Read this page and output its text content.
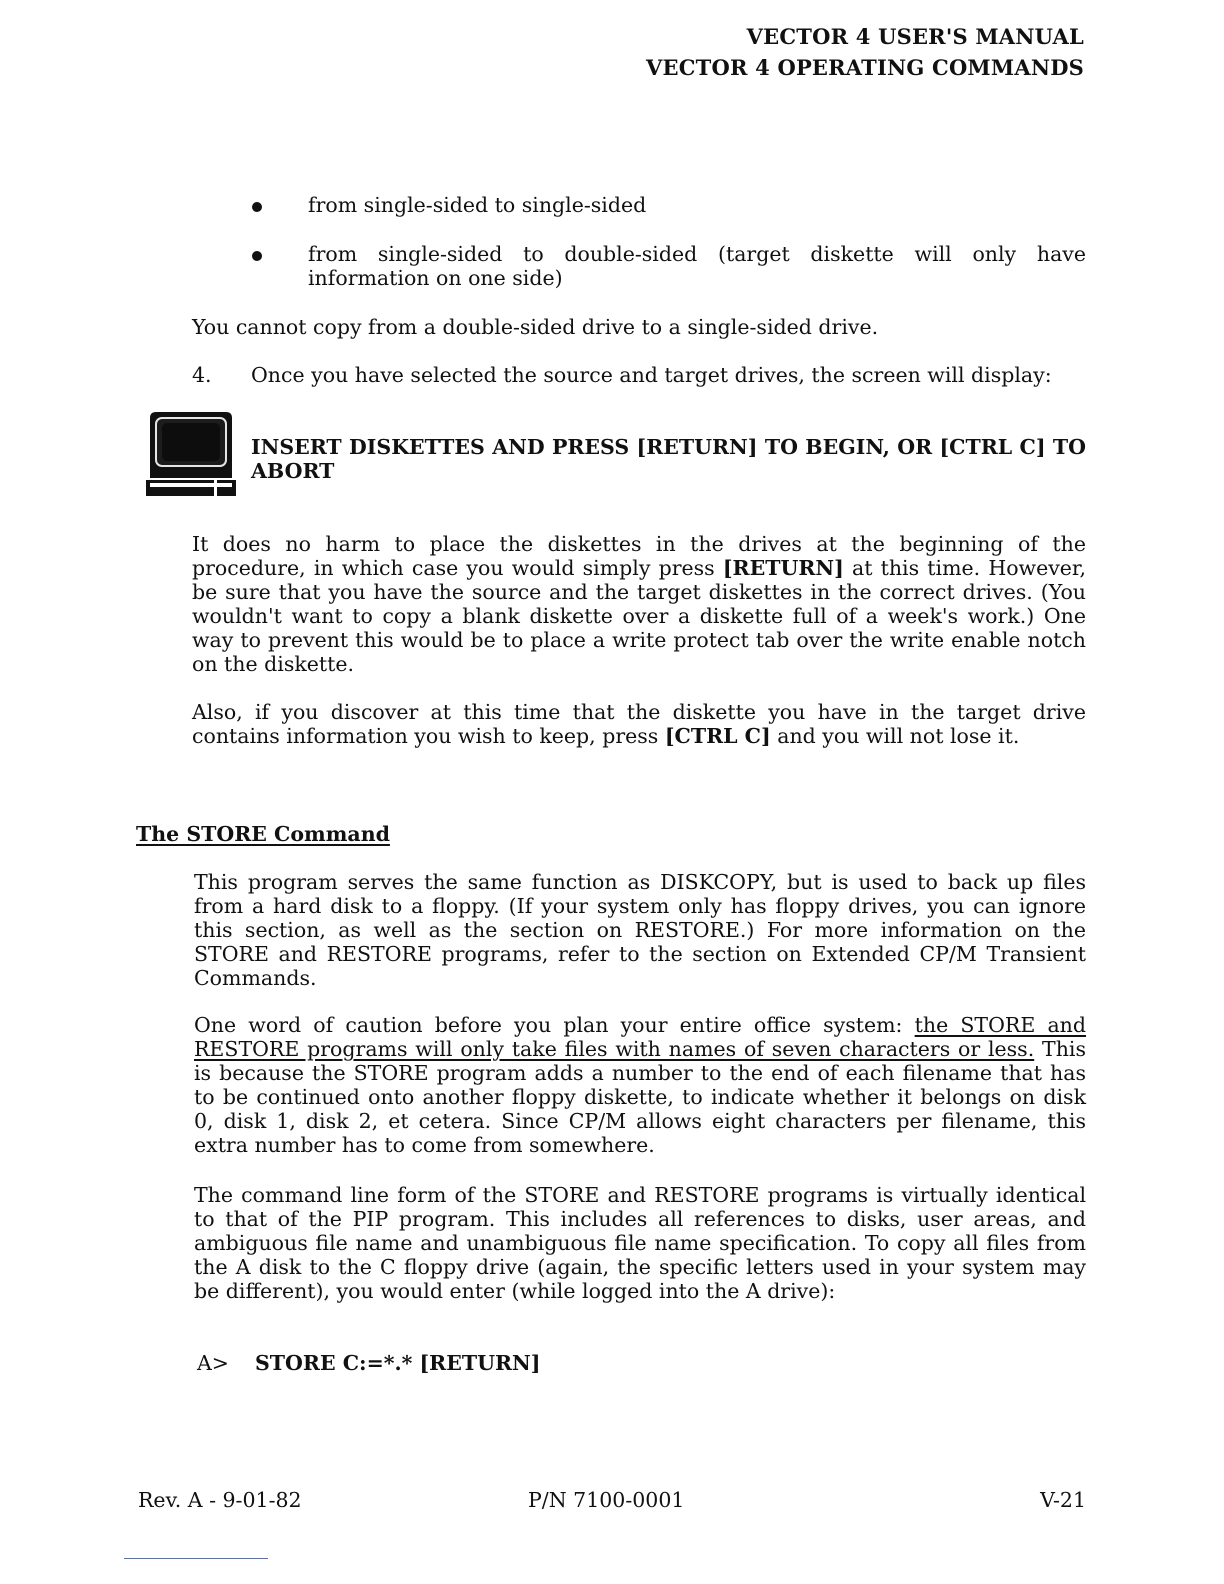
VECTOR 4 USER'S MANUAL
VECTOR 4 OPERATING COMMANDS
from single-sided to single-sided
from single-sided to double-sided (target diskette will only have information on one side)
You cannot copy from a double-sided drive to a single-sided drive.
4. Once you have selected the source and target drives, the screen will display:
INSERT DISKETTES AND PRESS [RETURN] TO BEGIN, OR [CTRL C] TO ABORT
It does no harm to place the diskettes in the drives at the beginning of the procedure, in which case you would simply press [RETURN] at this time. However, be sure that you have the source and the target diskettes in the correct drives. (You wouldn't want to copy a blank diskette over a diskette full of a week's work.) One way to prevent this would be to place a write protect tab over the write enable notch on the diskette.
Also, if you discover at this time that the diskette you have in the target drive contains information you wish to keep, press [CTRL C] and you will not lose it.
The STORE Command
This program serves the same function as DISKCOPY, but is used to back up files from a hard disk to a floppy. (If your system only has floppy drives, you can ignore this section, as well as the section on RESTORE.) For more information on the STORE and RESTORE programs, refer to the section on Extended CP/M Transient Commands.
One word of caution before you plan your entire office system: the STORE and RESTORE programs will only take files with names of seven characters or less. This is because the STORE program adds a number to the end of each filename that has to be continued onto another floppy diskette, to indicate whether it belongs on disk 0, disk 1, disk 2, et cetera. Since CP/M allows eight characters per filename, this extra number has to come from somewhere.
The command line form of the STORE and RESTORE programs is virtually identical to that of the PIP program. This includes all references to disks, user areas, and ambiguous file name and unambiguous file name specification. To copy all files from the A disk to the C floppy drive (again, the specific letters used in your system may be different), you would enter (while logged into the A drive):
A> STORE C:=*.* [RETURN]
Rev. A - 9-01-82	P/N 7100-0001	V-21
